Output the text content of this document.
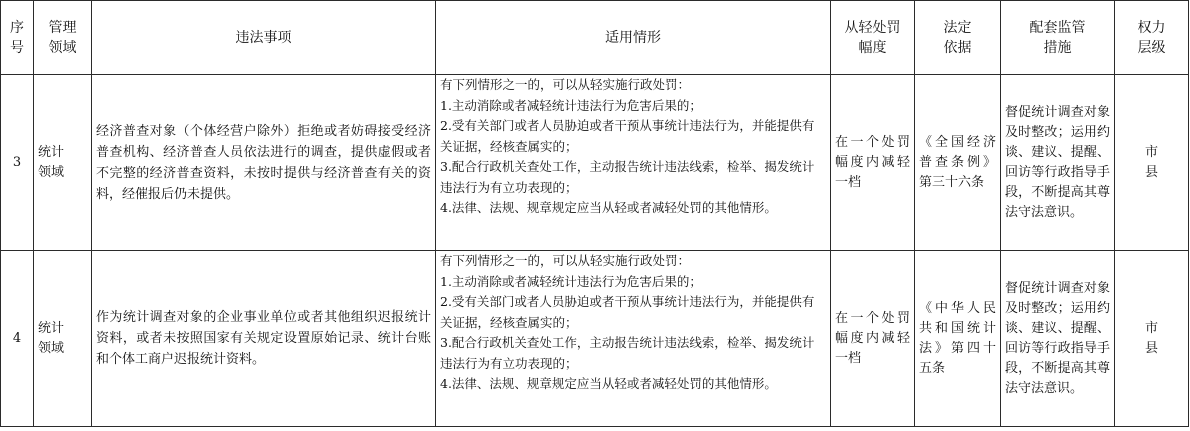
序号	管理领域	违法事项	适用情形	从轻处罚幅度	法定依据	配套监管措施	权力层级
3	统计领域	经济普查对象（个体经营户除外）拒绝或者妨碍接受经济普查机构、经济普查人员依法进行的调查，提供虚假或者不完整的经济普查资料，未按时提供与经济普查有关的资料，经催报后仍未提供。	有下列情形之一的，可以从轻实施行政处罚：
1.主动消除或者减轻统计违法行为危害后果的；
2.受有关部门或者人员胁迫或者干预从事统计违法行为，并能提供有关证据，经核查属实的；
3.配合行政机关查处工作，主动报告统计违法线索，检举、揭发统计违法行为有立功表现的；
4.法律、法规、规章规定应当从轻或者减轻处罚的其他情形。	在一个处罚幅度内减轻一档	《全国经济普查条例》第三十六条	督促统计调查对象及时整改；运用约谈、建议、提醒、回访等行政指导手段，不断提高其尊法守法意识。	市县
4	统计领域	作为统计调查对象的企业事业单位或者其他组织迟报统计资料，或者未按照国家有关规定设置原始记录、统计台账和个体工商户迟报统计资料。	有下列情形之一的，可以从轻实施行政处罚：
1.主动消除或者减轻统计违法行为危害后果的；
2.受有关部门或者人员胁迫或者干预从事统计违法行为，并能提供有关证据，经核查属实的；
3.配合行政机关查处工作，主动报告统计违法线索，检举、揭发统计违法行为有立功表现的；
4.法律、法规、规章规定应当从轻或者减轻处罚的其他情形。	在一个处罚幅度内减轻一档	《中华人民共和国统计法》第四十五条	督促统计调查对象及时整改；运用约谈、建议、提醒、回访等行政指导手段，不断提高其尊法守法意识。	市县
